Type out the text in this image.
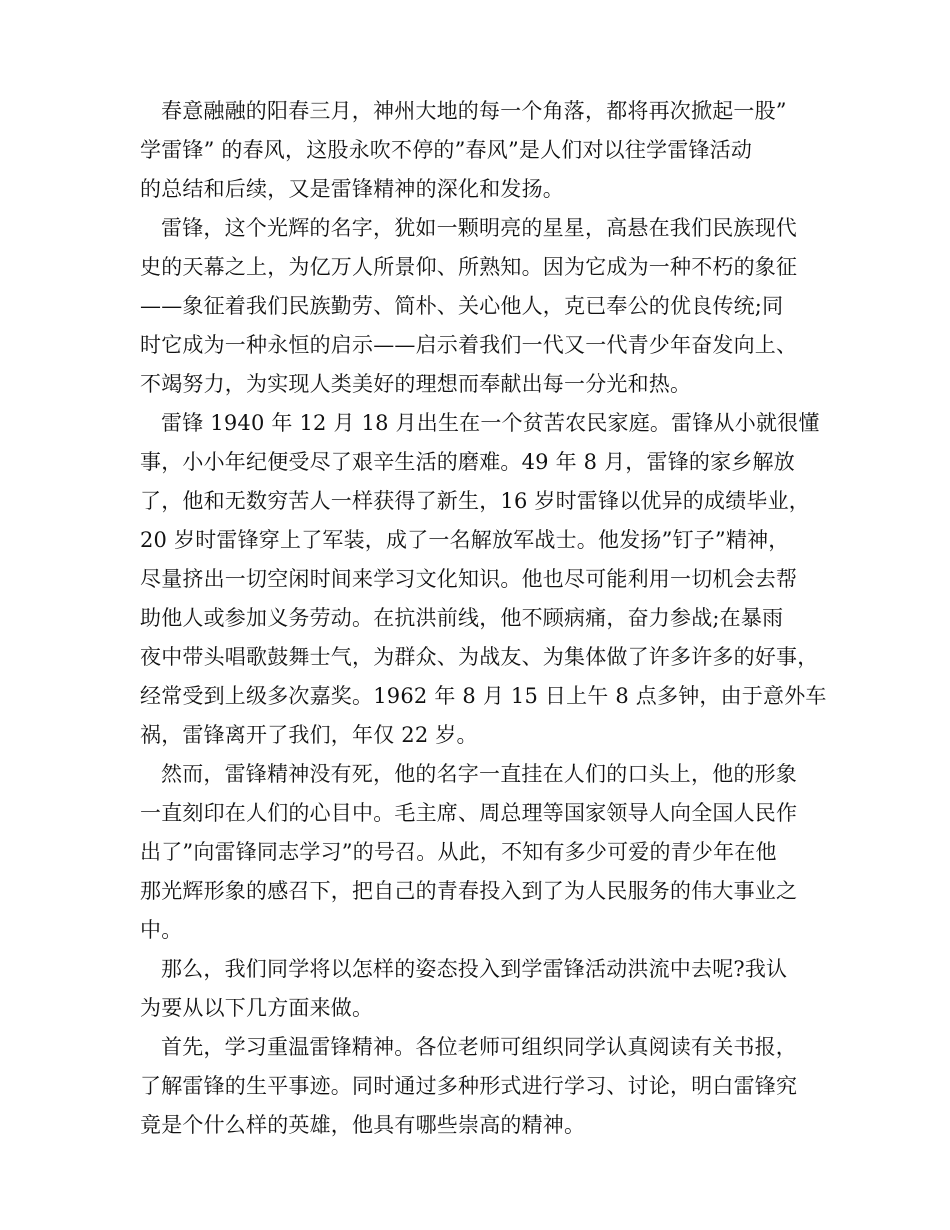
春意融融的阳春三月，神州大地的每一个角落，都将再次掀起一股”
学雷锋” 的春风，这股永吹不停的”春风”是人们对以往学雷锋活动
的总结和后续，又是雷锋精神的深化和发扬。
雷锋，这个光辉的名字，犹如一颗明亮的星星，高悬在我们民族现代
史的天幕之上，为亿万人所景仰、所熟知。因为它成为一种不朽的象征
——象征着我们民族勤劳、简朴、关心他人，克已奉公的优良传统;同
时它成为一种永恒的启示——启示着我们一代又一代青少年奋发向上、
不竭努力，为实现人类美好的理想而奉献出每一分光和热。
雷锋 1940 年 12 月 18 月出生在一个贫苦农民家庭。雷锋从小就很懂
事，小小年纪便受尽了艰辛生活的磨难。49 年 8 月，雷锋的家乡解放
了，他和无数穷苦人一样获得了新生，16 岁时雷锋以优异的成绩毕业，
20 岁时雷锋穿上了军装，成了一名解放军战士。他发扬”钉子”精神，
尽量挤出一切空闲时间来学习文化知识。他也尽可能利用一切机会去帮
助他人或参加义务劳动。在抗洪前线，他不顾病痛，奋力参战;在暴雨
夜中带头唱歌鼓舞士气，为群众、为战友、为集体做了许多许多的好事，
经常受到上级多次嘉奖。1962 年 8 月 15 日上午 8 点多钟，由于意外车
祸，雷锋离开了我们，年仅 22 岁。
然而，雷锋精神没有死，他的名字一直挂在人们的口头上，他的形象
一直刻印在人们的心目中。毛主席、周总理等国家领导人向全国人民作
出了”向雷锋同志学习”的号召。从此，不知有多少可爱的青少年在他
那光辉形象的感召下，把自己的青春投入到了为人民服务的伟大事业之
中。
那么，我们同学将以怎样的姿态投入到学雷锋活动洪流中去呢?我认
为要从以下几方面来做。
首先，学习重温雷锋精神。各位老师可组织同学认真阅读有关书报，
了解雷锋的生平事迹。同时通过多种形式进行学习、讨论，明白雷锋究
竟是个什么样的英雄，他具有哪些崇高的精神。
